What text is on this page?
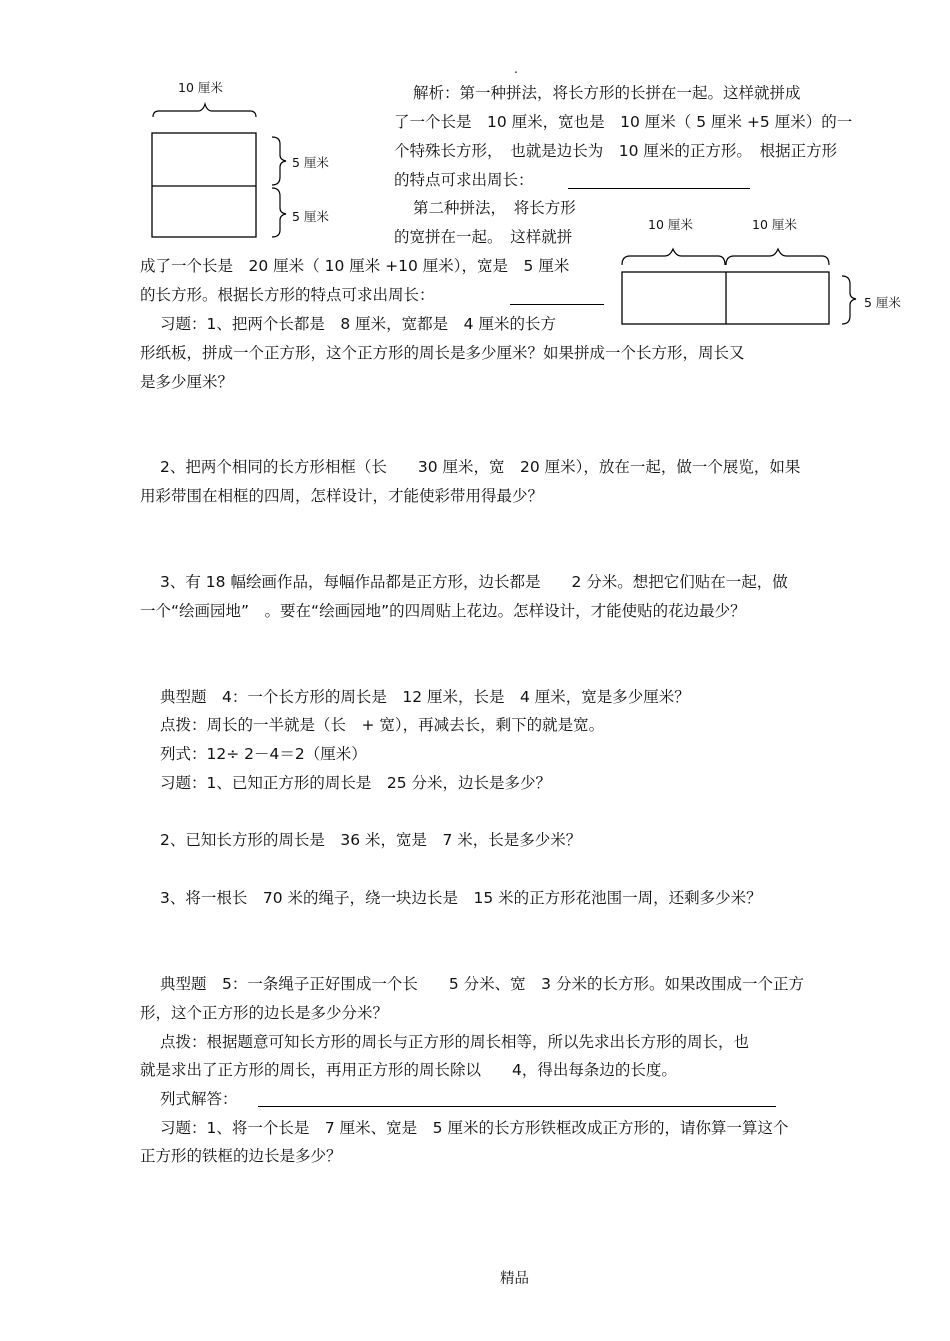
.
10 厘米
5 厘米
5 厘米
10 厘米	10 厘米
5 厘米
解析：第一种拼法，将长方形的长拼在一起。这样就拼成
了一个长是　10 厘米，宽也是　10 厘米（ 5 厘米 +5 厘米）的一
个特殊长方形，　也就是边长为　10 厘米的正方形。　根据正方形
的特点可求出周长：
第二种拼法，　将长方形
的宽拼在一起。　这样就拼
成了一个长是　20 厘米（ 10 厘米 +10 厘米），宽是　5 厘米
的长方形。根据长方形的特点可求出周长：
习题：1、把两个长都是　8 厘米，宽都是　4 厘米的长方
形纸板，拼成一个正方形，这个正方形的周长是多少厘米？如果拼成一个长方形，周长又
是多少厘米？
2、把两个相同的长方形相框（长　　30 厘米，宽　20 厘米），放在一起，做一个展览，如果
用彩带围在相框的四周，怎样设计，才能使彩带用得最少？
3、有 18 幅绘画作品，每幅作品都是正方形，边长都是　　2 分米。想把它们贴在一起，做
一个“绘画园地”　。要在“绘画园地”的四周贴上花边。怎样设计，才能使贴的花边最少？
典型题　4：一个长方形的周长是　12 厘米，长是　4 厘米，宽是多少厘米？
点拨：周长的一半就是（长　+ 宽），再减去长，剩下的就是宽。
列式：12÷ 2－4＝2（厘米）
习题：1、已知正方形的周长是　25 分米，边长是多少？
2、已知长方形的周长是　36 米，宽是　7 米，长是多少米？
3、将一根长　70 米的绳子，绕一块边长是　15 米的正方形花池围一周，还剩多少米？
典型题　5：一条绳子正好围成一个长　　5 分米、宽　3 分米的长方形。如果改围成一个正方
形，这个正方形的边长是多少分米？
点拨：根据题意可知长方形的周长与正方形的周长相等，所以先求出长方形的周长，也
就是求出了正方形的周长，再用正方形的周长除以　　4，得出每条边的长度。
列式解答：
习题：1、将一个长是　7 厘米、宽是　5 厘米的长方形铁框改成正方形的，请你算一算这个
正方形的铁框的边长是多少？
精品
